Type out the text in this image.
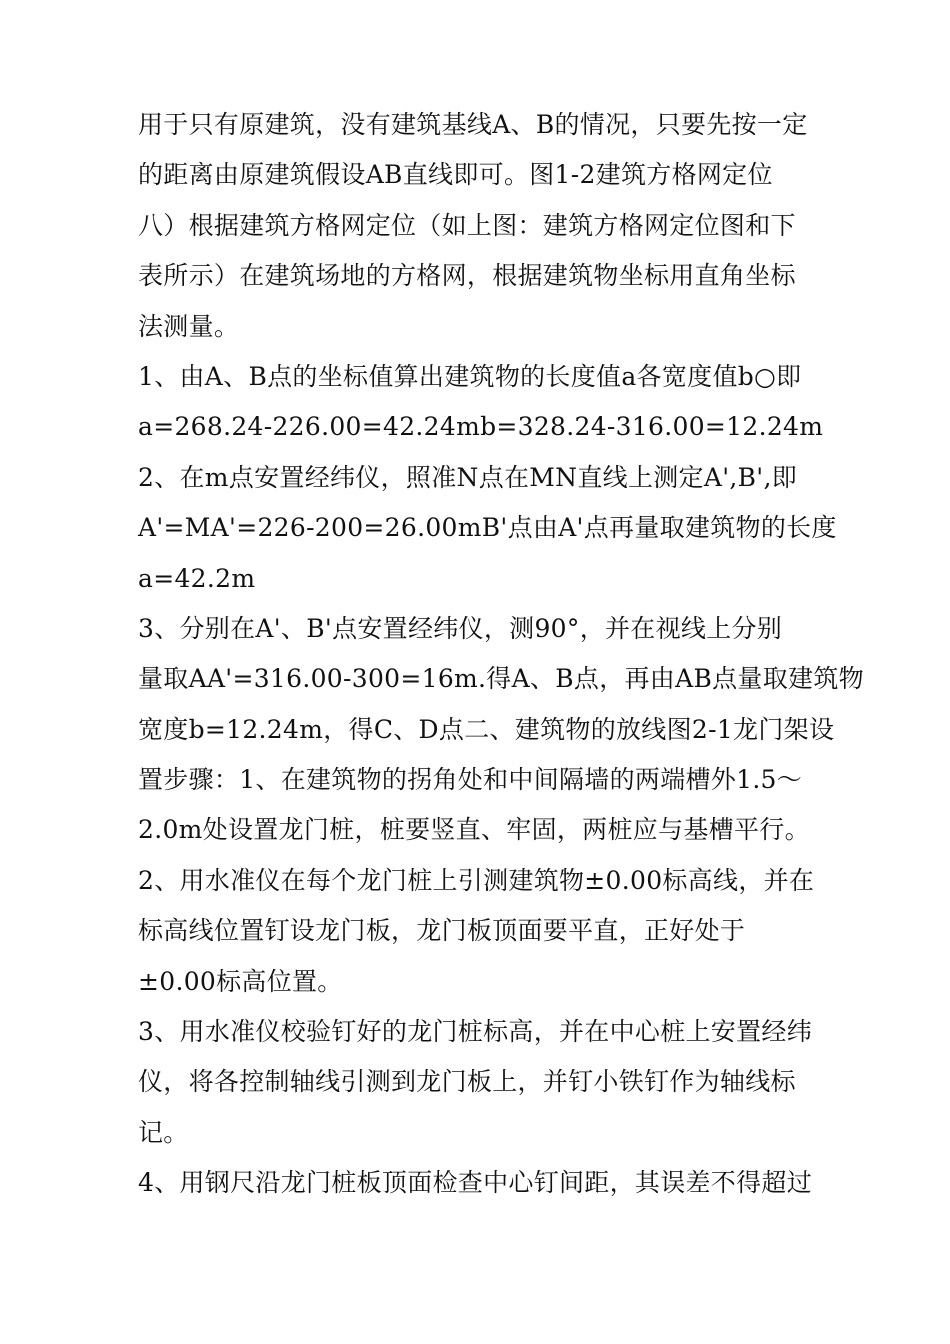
用于只有原建筑，没有建筑基线A、B的情况，只要先按一定
的距离由原建筑假设AB直线即可。图1-2建筑方格网定位
八）根据建筑方格网定位（如上图：建筑方格网定位图和下
表所示）在建筑场地的方格网，根据建筑物坐标用直角坐标
法测量。
1、由A、B点的坐标值算出建筑物的长度值a各宽度值b○即
a=268.24-226.00=42.24mb=328.24-316.00=12.24m
2、在m点安置经纬仪，照准N点在MN直线上测定A',B',即
A'=MA'=226-200=26.00mB'点由A'点再量取建筑物的长度
a=42.2m
3、分别在A'、B'点安置经纬仪，测90°，并在视线上分别
量取AA'=316.00-300=16m.得A、B点，再由AB点量取建筑物
宽度b=12.24m，得C、D点二、建筑物的放线图2-1龙门架设
置步骤：1、在建筑物的拐角处和中间隔墙的两端槽外1.5〜
2.0m处设置龙门桩，桩要竖直、牢固，两桩应与基槽平行。
2、用水准仪在每个龙门桩上引测建筑物±0.00标高线，并在
标高线位置钉设龙门板，龙门板顶面要平直，正好处于
±0.00标高位置。
3、用水准仪校验钉好的龙门桩标高，并在中心桩上安置经纬
仪，将各控制轴线引测到龙门板上，并钉小铁钉作为轴线标
记。
4、用钢尺沿龙门桩板顶面检查中心钉间距，其误差不得超过
